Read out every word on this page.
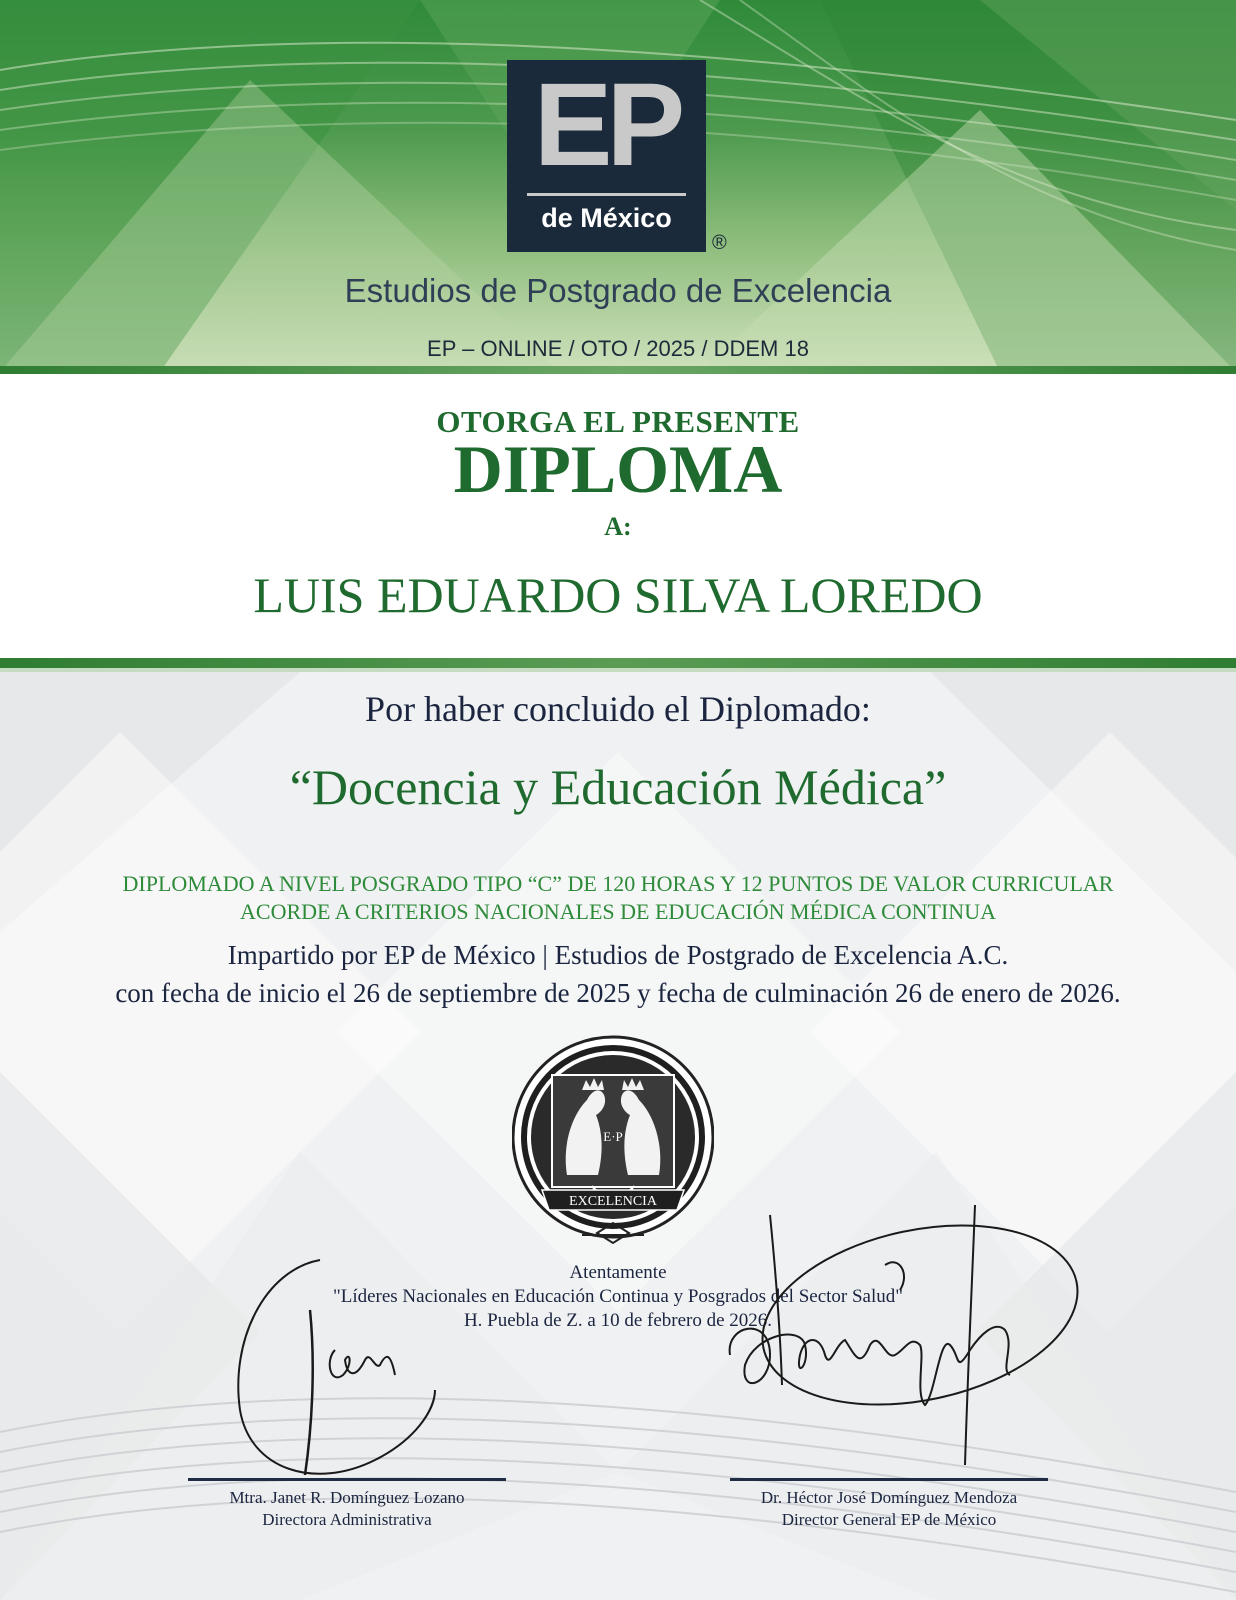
EP
de México
®
Estudios de Postgrado de Excelencia
EP – ONLINE / OTO / 2025 / DDEM 18
OTORGA EL PRESENTE
DIPLOMA
A:
LUIS EDUARDO SILVA LOREDO
Por haber concluido el Diplomado:
“Docencia y Educación Médica”
DIPLOMADO A NIVEL POSGRADO TIPO “C” DE 120 HORAS Y 12 PUNTOS DE VALOR CURRICULAR
ACORDE A CRITERIOS NACIONALES DE EDUCACIÓN MÉDICA CONTINUA
Impartido por EP de México | Estudios de Postgrado de Excelencia A.C.
con fecha de inicio el 26 de septiembre de 2025 y fecha de culminación 26 de enero de 2026.
E·P
EXCELENCIA
Atentamente
"Líderes Nacionales en Educación Continua y Posgrados del Sector Salud"
H. Puebla de Z. a 10 de febrero de 2026.
Mtra. Janet R. Domínguez Lozano
Directora Administrativa
Dr. Héctor José Domínguez Mendoza
Director General EP de México
